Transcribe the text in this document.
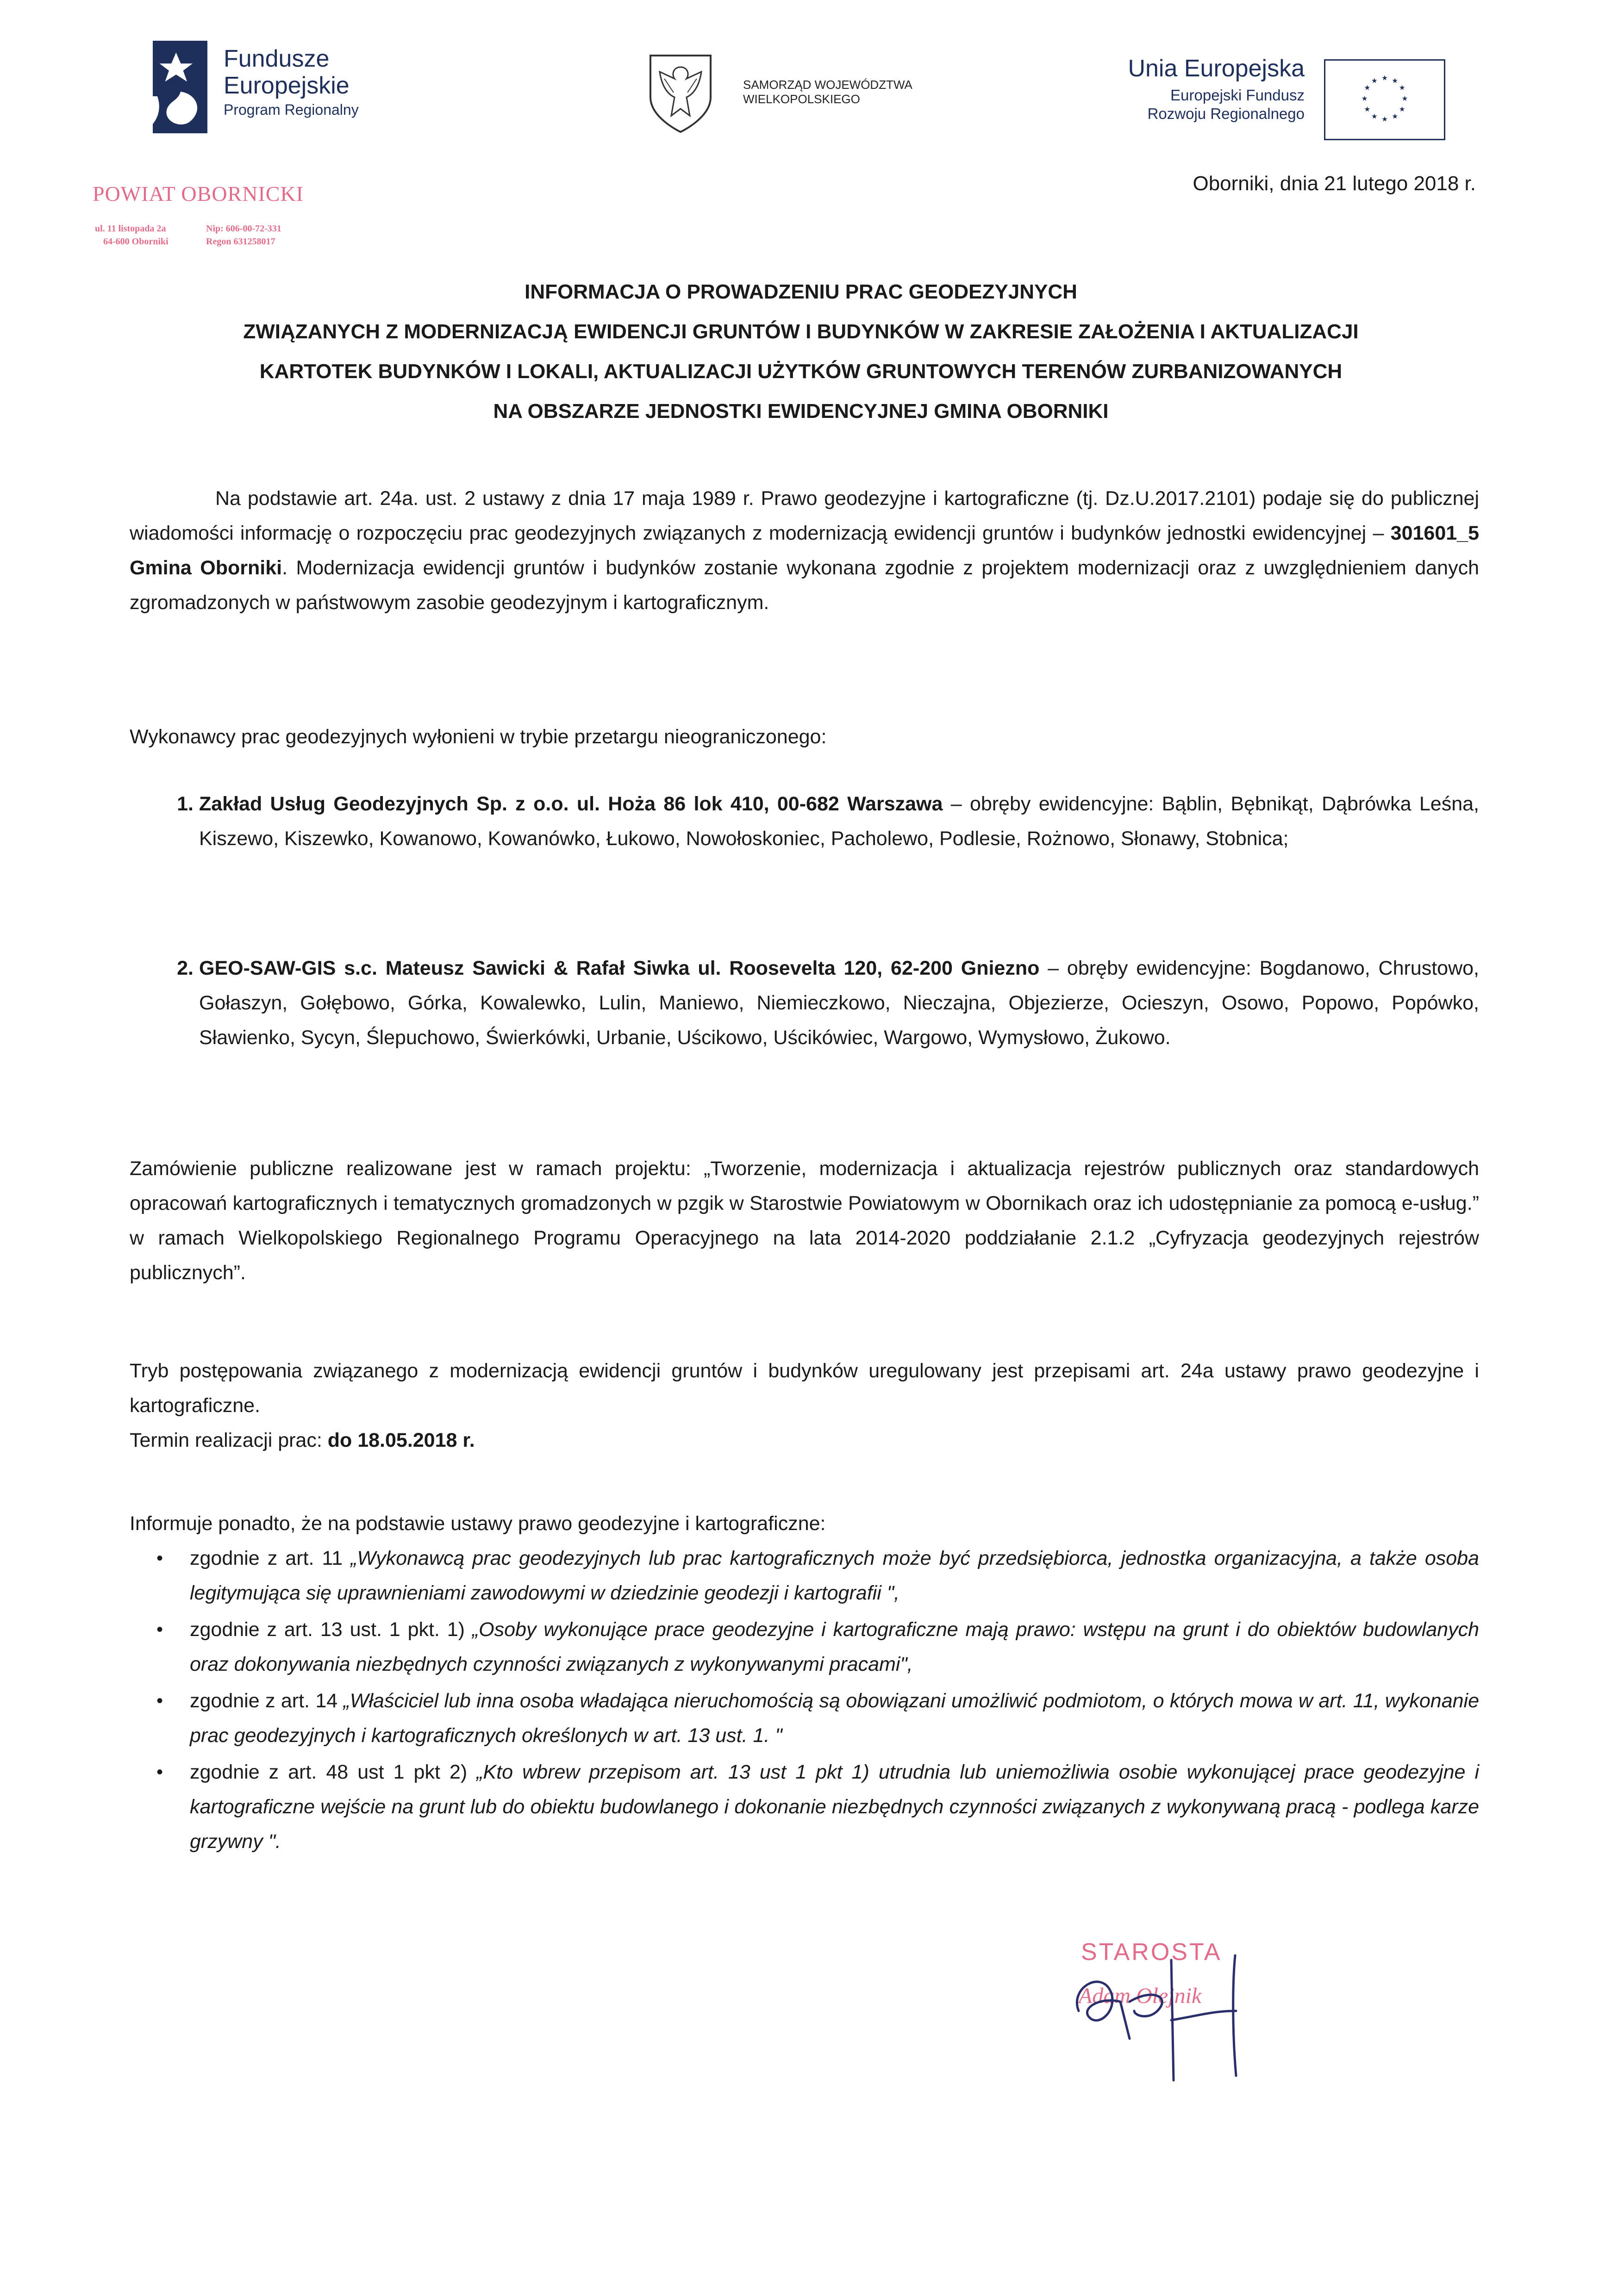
Fundusze
Europejskie
Program Regionalny
SAMORZĄD WOJEWÓDZTWA
WIELKOPOLSKIEGO
Unia Europejska
Europejski Fundusz
Rozwoju Regionalnego
★ ★
★
★
★
★
★
★
★
★
★
★
POWIAT OBORNICKI
ul. 11 listopada 2a	Nip: 606-00-72-331
64-600 Oborniki	Regon 631258017
Oborniki, dnia 21 lutego 2018 r.
INFORMACJA O PROWADZENIU PRAC GEODEZYJNYCH
ZWIĄZANYCH Z MODERNIZACJĄ EWIDENCJI GRUNTÓW I BUDYNKÓW W ZAKRESIE ZAŁOŻENIA I AKTUALIZACJI
KARTOTEK BUDYNKÓW I LOKALI, AKTUALIZACJI UŻYTKÓW GRUNTOWYCH TERENÓW ZURBANIZOWANYCH
NA OBSZARZE JEDNOSTKI EWIDENCYJNEJ GMINA OBORNIKI
Na podstawie art. 24a. ust. 2 ustawy z dnia 17 maja 1989 r. Prawo geodezyjne i kartograficzne (tj. Dz.U.2017.2101) podaje się do publicznej wiadomości informację o rozpoczęciu prac geodezyjnych związanych z modernizacją ewidencji gruntów i budynków jednostki ewidencyjnej – 301601_5 Gmina Oborniki. Modernizacja ewidencji gruntów i budynków zostanie wykonana zgodnie z projektem modernizacji oraz z uwzględnieniem danych zgromadzonych w państwowym zasobie geodezyjnym i kartograficznym.
Wykonawcy prac geodezyjnych wyłonieni w trybie przetargu nieograniczonego:
1. Zakład Usług Geodezyjnych Sp. z o.o. ul. Hoża 86 lok 410, 00-682 Warszawa – obręby ewidencyjne: Bąblin, Bębnikąt, Dąbrówka Leśna, Kiszewo, Kiszewko, Kowanowo, Kowanówko, Łukowo, Nowołoskoniec, Pacholewo, Podlesie, Rożnowo, Słonawy, Stobnica;
2. GEO-SAW-GIS s.c. Mateusz Sawicki & Rafał Siwka ul. Roosevelta 120, 62-200 Gniezno – obręby ewidencyjne: Bogdanowo, Chrustowo, Gołaszyn, Gołębowo, Górka, Kowalewko, Lulin, Maniewo, Niemieczkowo, Nieczajna, Objezierze, Ocieszyn, Osowo, Popowo, Popówko, Sławienko, Sycyn, Ślepuchowo, Świerkówki, Urbanie, Uścikowo, Uścikówiec, Wargowo, Wymysłowo, Żukowo.
Zamówienie publiczne realizowane jest w ramach projektu: „Tworzenie, modernizacja i aktualizacja rejestrów publicznych oraz standardowych opracowań kartograficznych i tematycznych gromadzonych w pzgik w Starostwie Powiatowym w Obornikach oraz ich udostępnianie za pomocą e-usług.” w ramach Wielkopolskiego Regionalnego Programu Operacyjnego na lata 2014-2020 poddziałanie 2.1.2 „Cyfryzacja geodezyjnych rejestrów publicznych”.
Tryb postępowania związanego z modernizacją ewidencji gruntów i budynków uregulowany jest przepisami art. 24a ustawy prawo geodezyjne i kartograficzne.
Termin realizacji prac: do 18.05.2018 r.
Informuje ponadto, że na podstawie ustawy prawo geodezyjne i kartograficzne:
•	zgodnie z art. 11 „Wykonawcą prac geodezyjnych lub prac kartograficznych może być przedsiębiorca, jednostka organizacyjna, a także osoba legitymująca się uprawnieniami zawodowymi w dziedzinie geodezji i kartografii ",
•	zgodnie z art. 13 ust. 1 pkt. 1) „Osoby wykonujące prace geodezyjne i kartograficzne mają prawo: wstępu na grunt i do obiektów budowlanych oraz dokonywania niezbędnych czynności związanych z wykonywanymi pracami",
•	zgodnie z art. 14 „Właściciel lub inna osoba władająca nieruchomością są obowiązani umożliwić podmiotom, o których mowa w art. 11, wykonanie prac geodezyjnych i kartograficznych określonych w art. 13 ust. 1. "
•	zgodnie z art. 48 ust 1 pkt 2) „Kto wbrew przepisom art. 13 ust 1 pkt 1) utrudnia lub uniemożliwia osobie wykonującej prace geodezyjne i kartograficzne wejście na grunt lub do obiektu budowlanego i dokonanie niezbędnych czynności związanych z wykonywaną pracą - podlega karze grzywny ".
STAROSTA
Adam Olejnik
